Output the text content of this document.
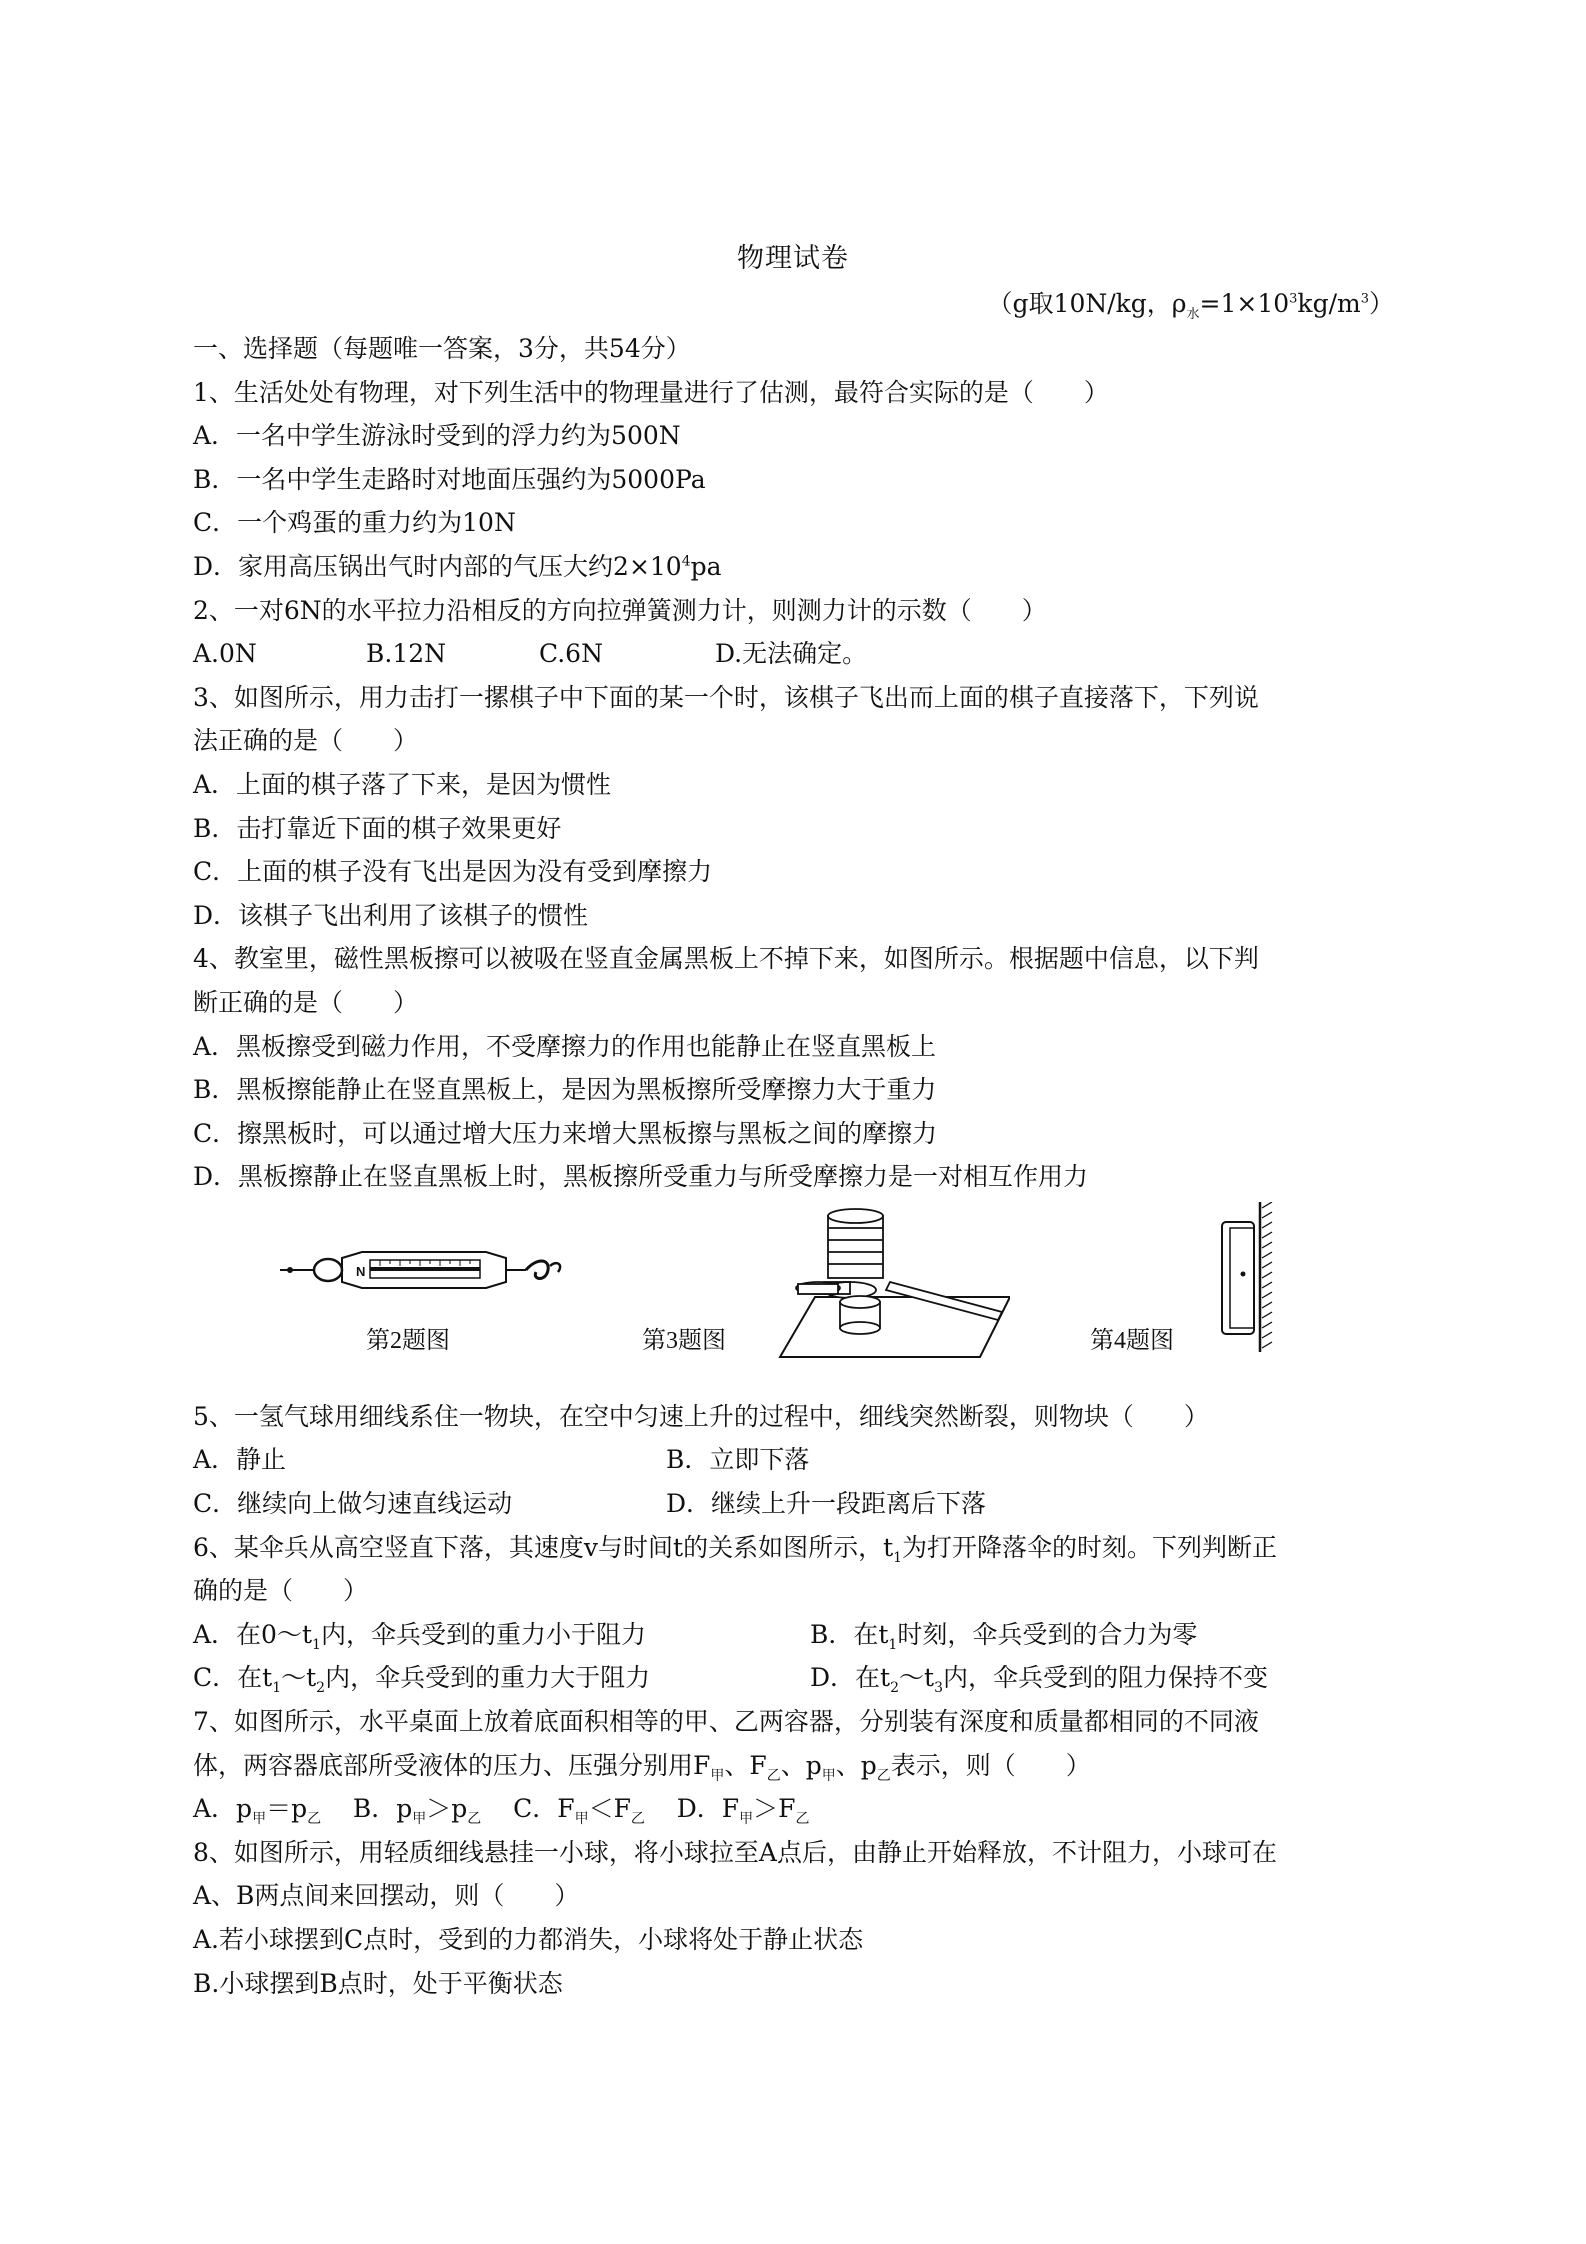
物理试卷
（g取10N/kg，$\rho_水=1\times 10^3kg/m^3$）
一、选择题（每题唯一答案，3分，共54分）
1、生活处处有物理，对下列生活中的物理量进行了估测，最符合实际的是（　　）
A．一名中学生游泳时受到的浮力约为500N
B．一名中学生走路时对地面压强约为5000Pa
C．一个鸡蛋的重力约为10N
D．家用高压锅出气时内部的气压大约$2\times 10^4pa$
2、一对6N的水平拉力沿相反的方向拉弹簧测力计，则测力计的示数（　　）
A.0N	B.12N	C.6N	D.无法确定。
3、如图所示，用力击打一摞棋子中下面的某一个时，该棋子飞出而上面的棋子直接落下，下列说
法正确的是（　　）
A．上面的棋子落了下来，是因为惯性
B．击打靠近下面的棋子效果更好
C．上面的棋子没有飞出是因为没有受到摩擦力
D．该棋子飞出利用了该棋子的惯性
4、教室里，磁性黑板擦可以被吸在竖直金属黑板上不掉下来，如图所示。根据题中信息，以下判
断正确的是（　　）
A．黑板擦受到磁力作用，不受摩擦力的作用也能静止在竖直黑板上
B．黑板擦能静止在竖直黑板上，是因为黑板擦所受摩擦力大于重力
C．擦黑板时，可以通过增大压力来增大黑板擦与黑板之间的摩擦力
D．黑板擦静止在竖直黑板上时，黑板擦所受重力与所受摩擦力是一对相互作用力
5、一氢气球用细线系住一物块，在空中匀速上升的过程中，细线突然断裂，则物块（　　）
A．静止	B．立即下落
C．继续向上做匀速直线运动	D．继续上升一段距离后下落
6、某伞兵从高空竖直下落，其速度v与时间t的关系如图所示，$t_1$为打开降落伞的时刻。下列判断正
确的是（　　）
A．在$0\sim t_1$内，伞兵受到的重力小于阻力	B．在$t_1$时刻，伞兵受到的合力为零
C．在$t_1\sim t_2$内，伞兵受到的重力大于阻力	D．在$t_2\sim t_3$内，伞兵受到的阻力保持不变
7、如图所示，水平桌面上放着底面积相等的甲、乙两容器，分别装有深度和质量都相同的不同液
体，两容器底部所受液体的压力、压强分别用$F_甲$、$F_乙$、$p_甲$、$p_乙$表示，则（　　）
A．$p_甲=p_乙$ B．$p_甲>p_乙$ C．$F_甲<F_乙$ D．$F_甲>F_乙$
8、如图所示，用轻质细线悬挂一小球，将小球拉至A点后，由静止开始释放，不计阻力，小球可在
A、B两点间来回摆动，则（　　）
A.若小球摆到C点时，受到的力都消失，小球将处于静止状态
B.小球摆到B点时，处于平衡状态
N
第2题图	第3题图	第4题图
